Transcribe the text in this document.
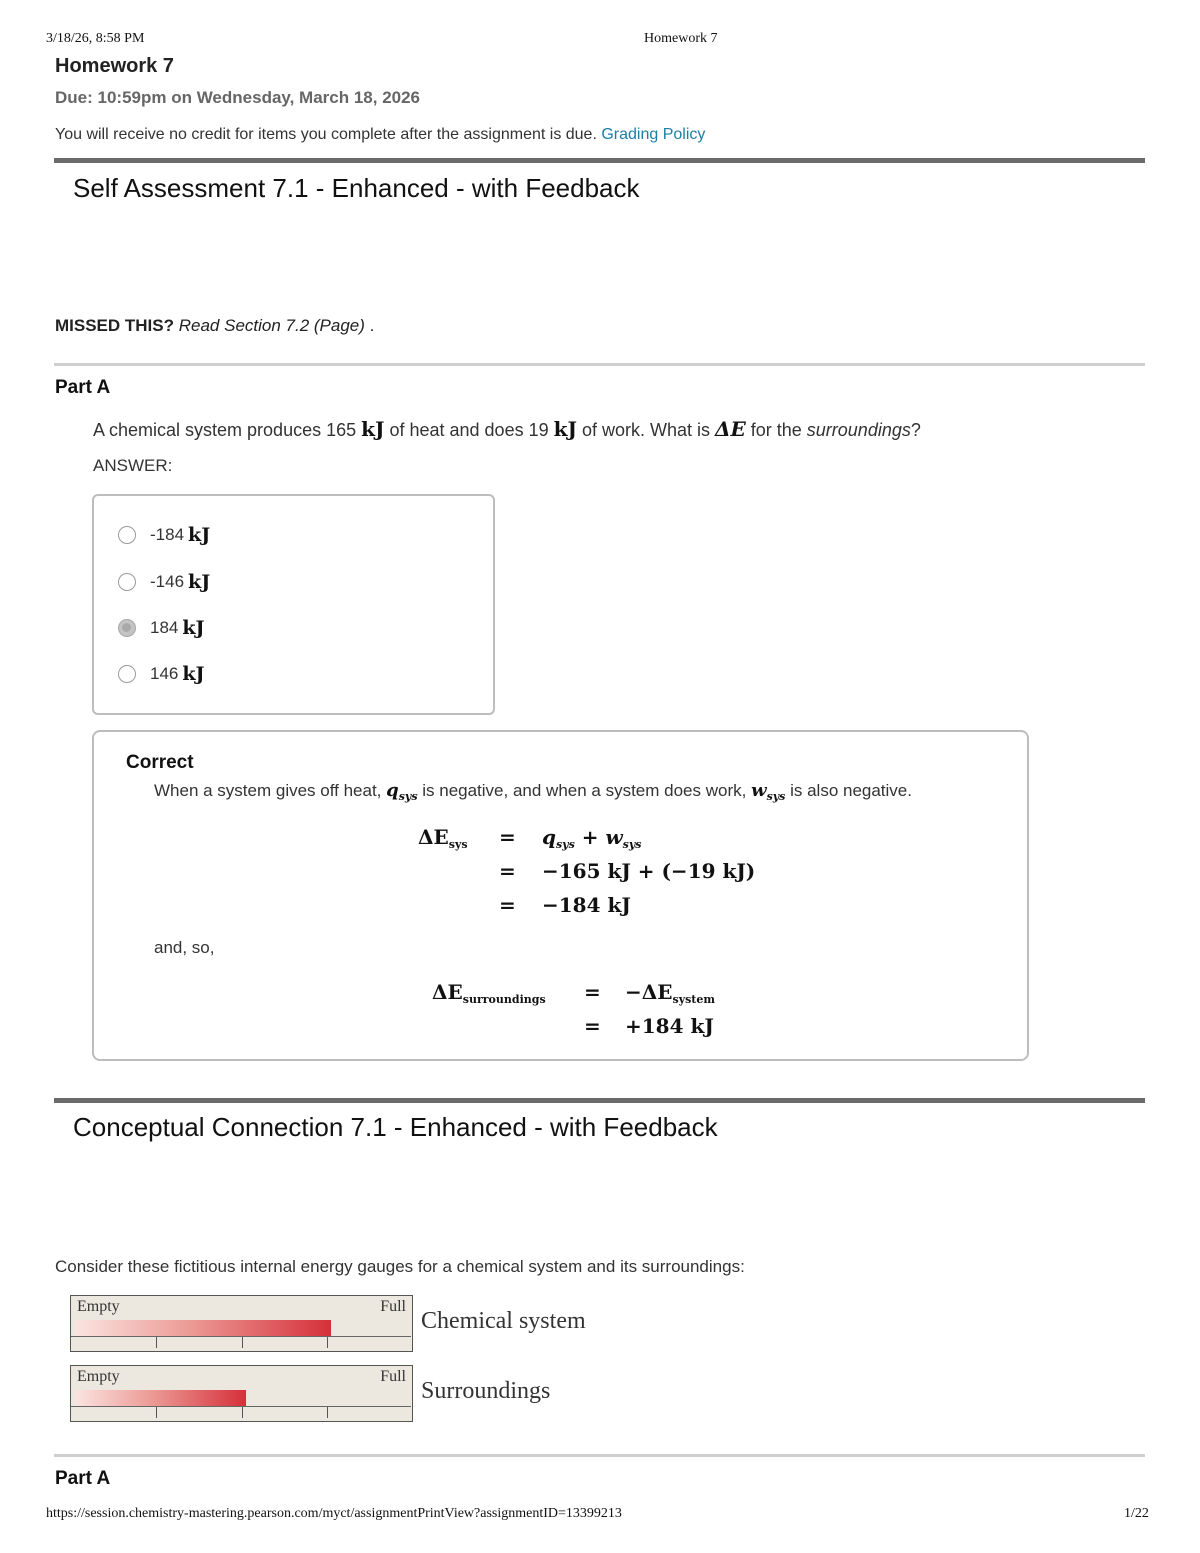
3/18/26, 8:58 PM	Homework 7
Homework 7
Due: 10:59pm on Wednesday, March 18, 2026
You will receive no credit for items you complete after the assignment is due. Grading Policy
Self Assessment 7.1 - Enhanced - with Feedback
MISSED THIS? Read Section 7.2 (Page) .
Part A
A chemical system produces 165 kJ of heat and does 19 kJ of work. What is ΔE for the surroundings?
ANSWER:
-184 kJ
-146 kJ
184 kJ
146 kJ
Correct
When a system gives off heat, $q_{sys}$ is negative, and when a system does work, $w_{sys}$ is also negative.
$\Delta E_{sys} = q_{sys} + w_{sys}$
= −165 kJ + (−19 kJ)
= −184 kJ
and, so,
$\Delta E_{surroundings} = -\Delta E_{system}$
= +184 kJ
Conceptual Connection 7.1 - Enhanced - with Feedback
Consider these fictitious internal energy gauges for a chemical system and its surroundings:
Empty	Full
Chemical system
Empty	Full
Surroundings
Part A
https://session.chemistry-mastering.pearson.com/myct/assignmentPrintView?assignmentID=13399213	1/22
